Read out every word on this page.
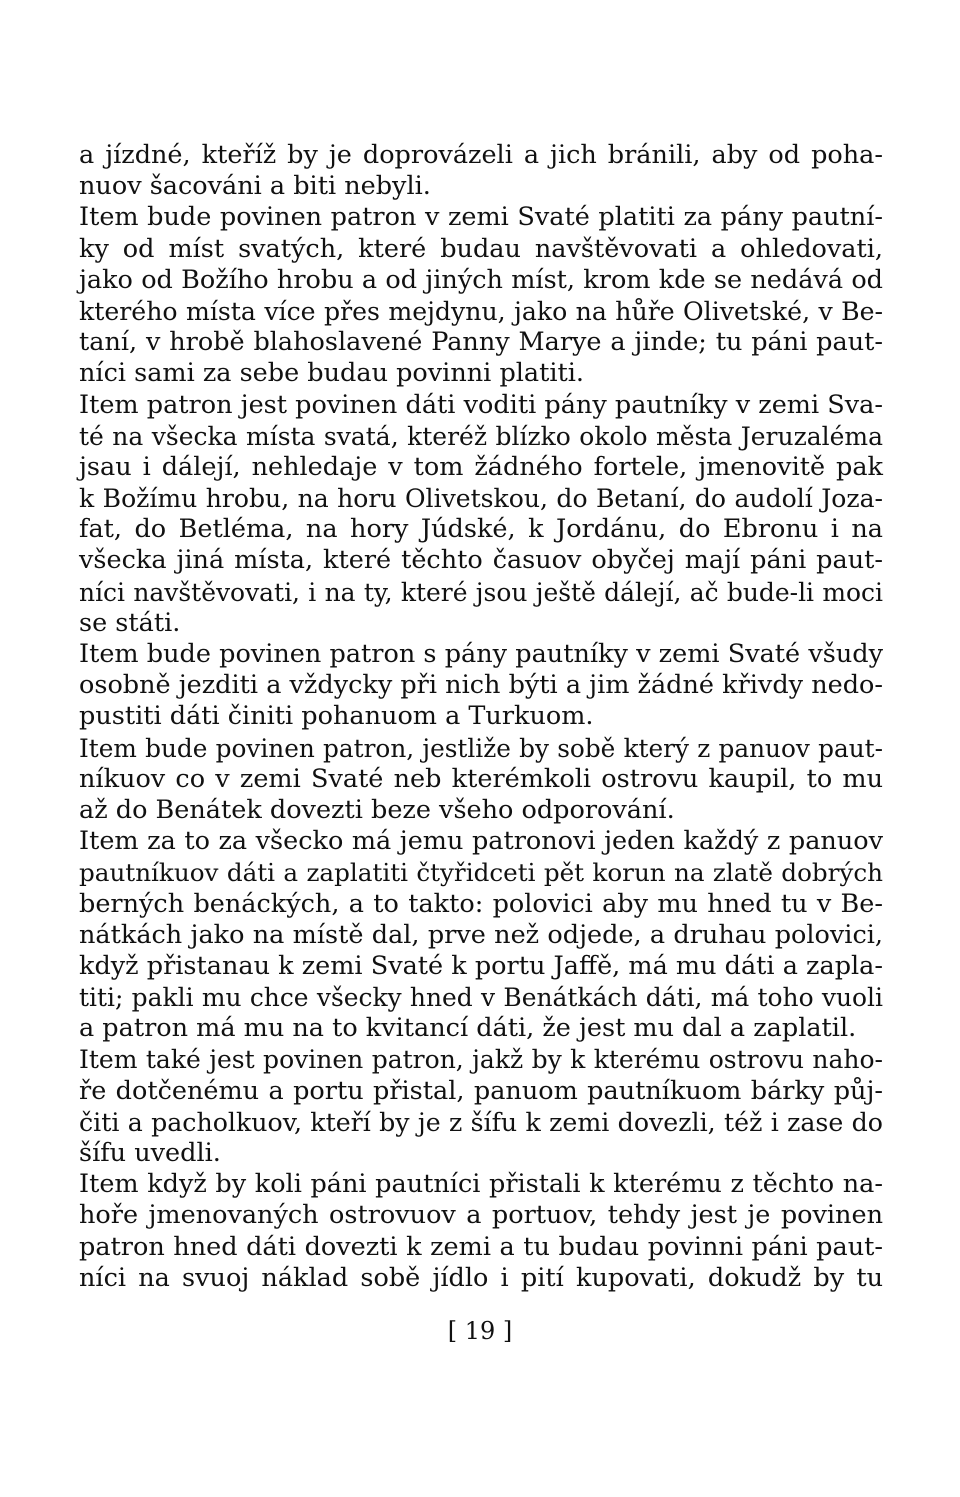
a jízdné, kteříž by je doprovázeli a jich bránili, aby od poha-
nuov šacováni a biti nebyli.
Item bude povinen patron v zemi Svaté platiti za pány pautní-
ky od míst svatých, které budau navštěvovati a ohledovati,
jako od Božího hrobu a od jiných míst, krom kde se nedává od
kterého místa více přes mejdynu, jako na hůře Olivetské, v Be-
taní, v hrobě blahoslavené Panny Marye a jinde; tu páni paut-
níci sami za sebe budau povinni platiti.
Item patron jest povinen dáti voditi pány pautníky v zemi Sva-
té na všecka místa svatá, kteréž blízko okolo města Jeruzaléma
jsau i dálejí, nehledaje v tom žádného fortele, jmenovitě pak
k Božímu hrobu, na horu Olivetskou, do Betaní, do audolí Joza-
fat, do Betléma, na hory Júdské, k Jordánu, do Ebronu i na
všecka jiná místa, které těchto časuov obyčej mají páni paut-
níci navštěvovati, i na ty, které jsou ještě dálejí, ač bude-li moci
se státi.
Item bude povinen patron s pány pautníky v zemi Svaté všudy
osobně jezditi a vždycky při nich býti a jim žádné křivdy nedo-
pustiti dáti činiti pohanuom a Turkuom.
Item bude povinen patron, jestliže by sobě který z panuov paut-
níkuov co v zemi Svaté neb kterémkoli ostrovu kaupil, to mu
až do Benátek dovezti beze všeho odporování.
Item za to za všecko má jemu patronovi jeden každý z panuov
pautníkuov dáti a zaplatiti čtyřidceti pět korun na zlatě dobrých
berných benáckých, a to takto: polovici aby mu hned tu v Be-
nátkách jako na místě dal, prve než odjede, a druhau polovici,
když přistanau k zemi Svaté k portu Jaffě, má mu dáti a zapla-
titi; pakli mu chce všecky hned v Benátkách dáti, má toho vuoli
a patron má mu na to kvitancí dáti, že jest mu dal a zaplatil.
Item také jest povinen patron, jakž by k kterému ostrovu naho-
ře dotčenému a portu přistal, panuom pautníkuom bárky půj-
čiti a pacholkuov, kteří by je z šífu k zemi dovezli, též i zase do
šífu uvedli.
Item když by koli páni pautníci přistali k kterému z těchto na-
hoře jmenovaných ostrovuov a portuov, tehdy jest je povinen
patron hned dáti dovezti k zemi a tu budau povinni páni paut-
níci na svuoj náklad sobě jídlo i pití kupovati, dokudž by tu
[ 19 ]
